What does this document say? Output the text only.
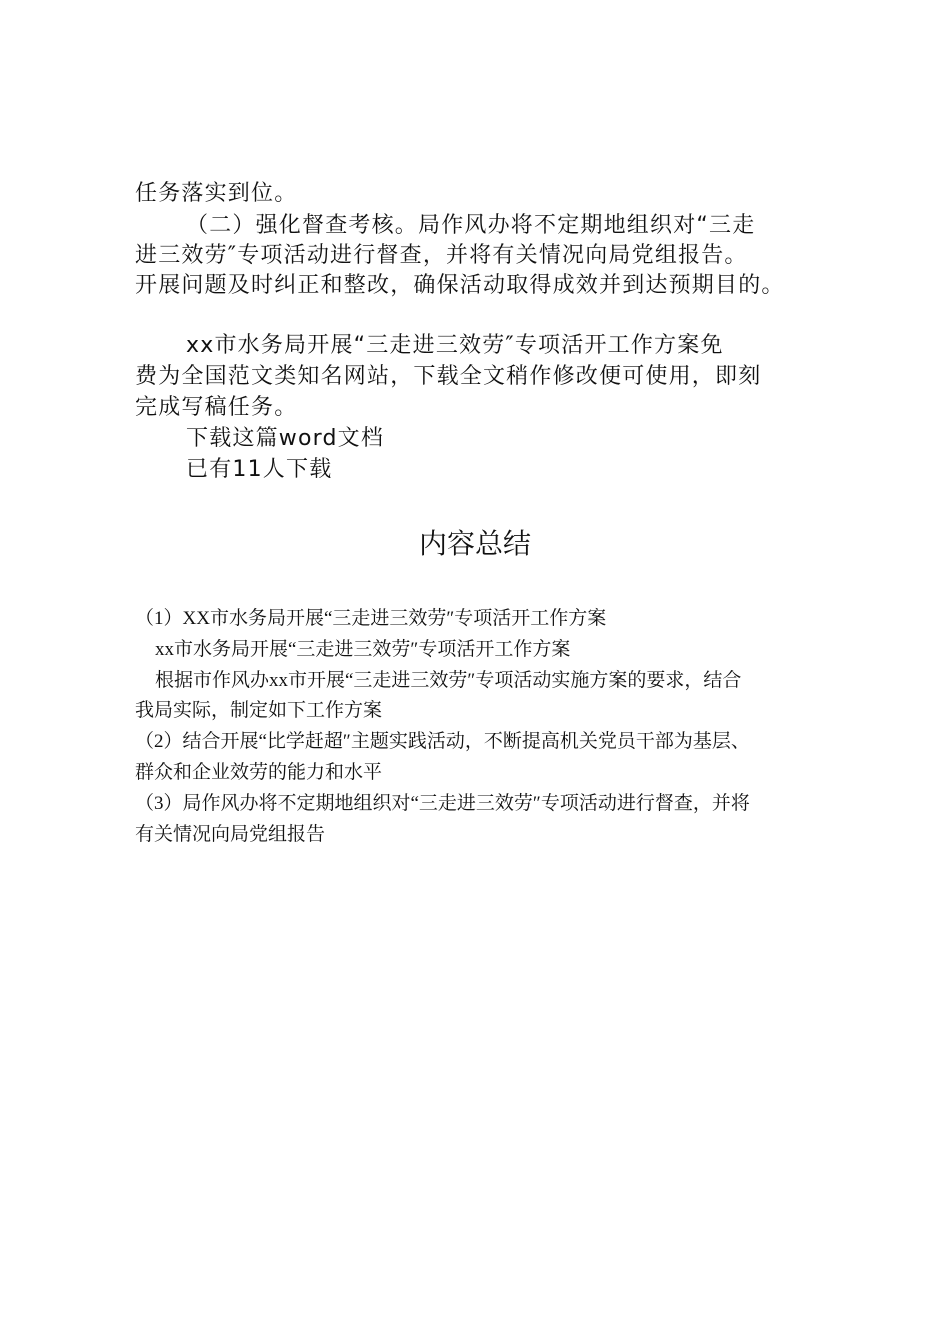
任务落实到位。
（二）强化督查考核。局作风办将不定期地组织对“三走
进三效劳″专项活动进行督查，并将有关情况向局党组报告。
开展问题及时纠正和整改，确保活动取得成效并到达预期目的。
xx市水务局开展“三走进三效劳″专项活开工作方案免
费为全国范文类知名网站，下载全文稍作修改便可使用，即刻
完成写稿任务。
下载这篇word文档
已有11人下载
内容总结
（1）XX市水务局开展“三走进三效劳″专项活开工作方案
xx市水务局开展“三走进三效劳″专项活开工作方案
根据市作风办xx市开展“三走进三效劳″专项活动实施方案的要求，结合
我局实际，制定如下工作方案
（2）结合开展“比学赶超″主题实践活动，不断提高机关党员干部为基层、
群众和企业效劳的能力和水平
（3）局作风办将不定期地组织对“三走进三效劳″专项活动进行督查，并将
有关情况向局党组报告
